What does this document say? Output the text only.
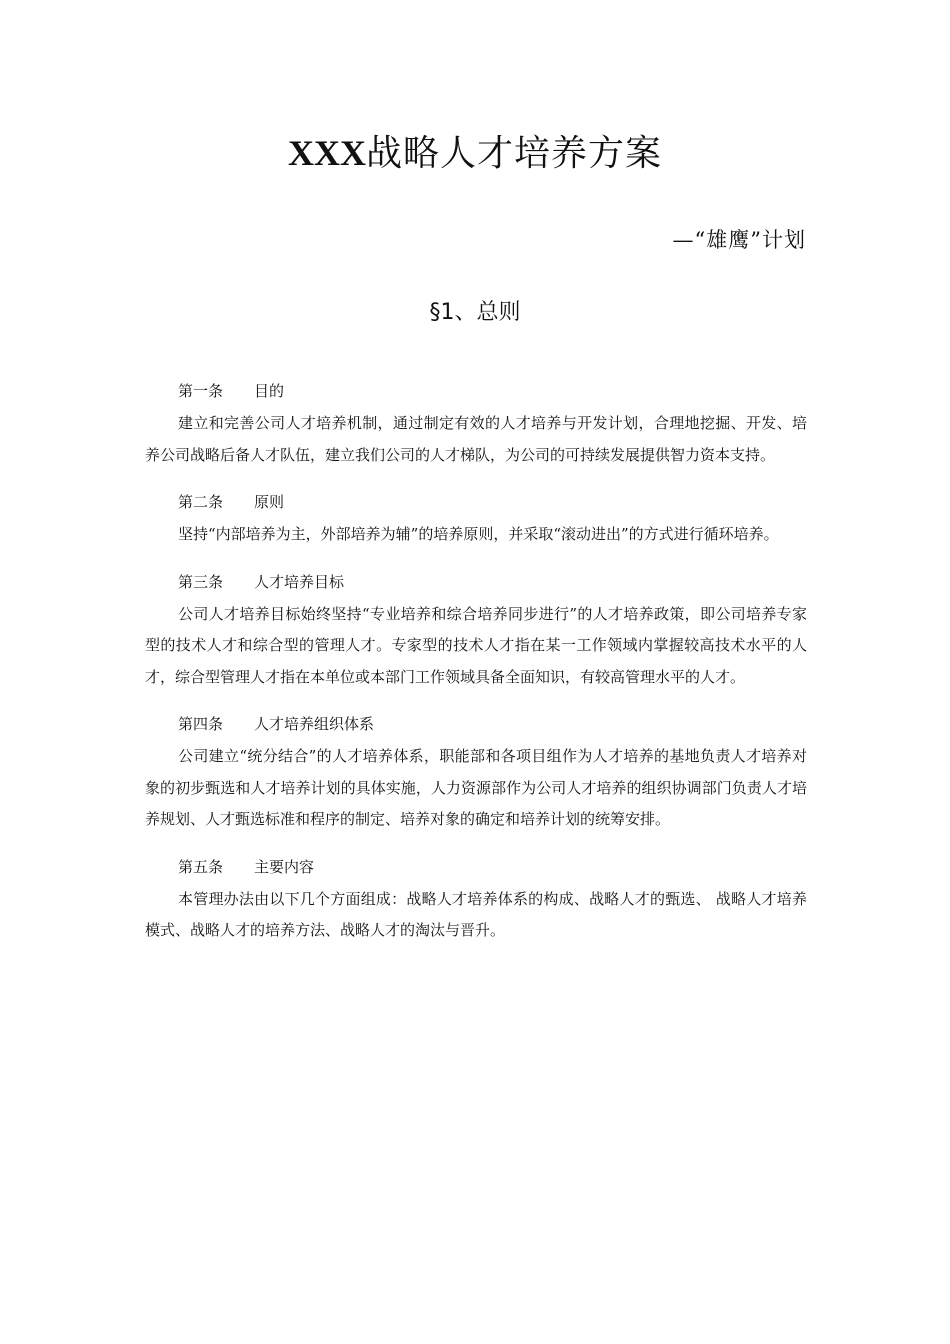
XXX战略人才培养方案
—“雄鹰”计划
§1、总则

第一条 目的

建立和完善公司人才培养机制，通过制定有效的人才培养与开发计划，合理地挖掘、开发、培养公司战略后备人才队伍，建立我们公司的人才梯队，为公司的可持续发展提供智力资本支持。

第二条 原则

坚持“内部培养为主，外部培养为辅”的培养原则，并采取“滚动进出”的方式进行循环培养。

第三条 人才培养目标

公司人才培养目标始终坚持“专业培养和综合培养同步进行”的人才培养政策，即公司培养专家型的技术人才和综合型的管理人才。专家型的技术人才指在某一工作领域内掌握较高技术水平的人才，综合型管理人才指在本单位或本部门工作领域具备全面知识，有较高管理水平的人才。

第四条 人才培养组织体系

公司建立“统分结合”的人才培养体系，职能部和各项目组作为人才培养的基地负责人才培养对象的初步甄选和人才培养计划的具体实施，人力资源部作为公司人才培养的组织协调部门负责人才培养规划、人才甄选标准和程序的制定、培养对象的确定和培养计划的统筹安排。

第五条 主要内容

本管理办法由以下几个方面组成：战略人才培养体系的构成、战略人才的甄选、 战略人才培养模式、战略人才的培养方法、战略人才的淘汰与晋升。
